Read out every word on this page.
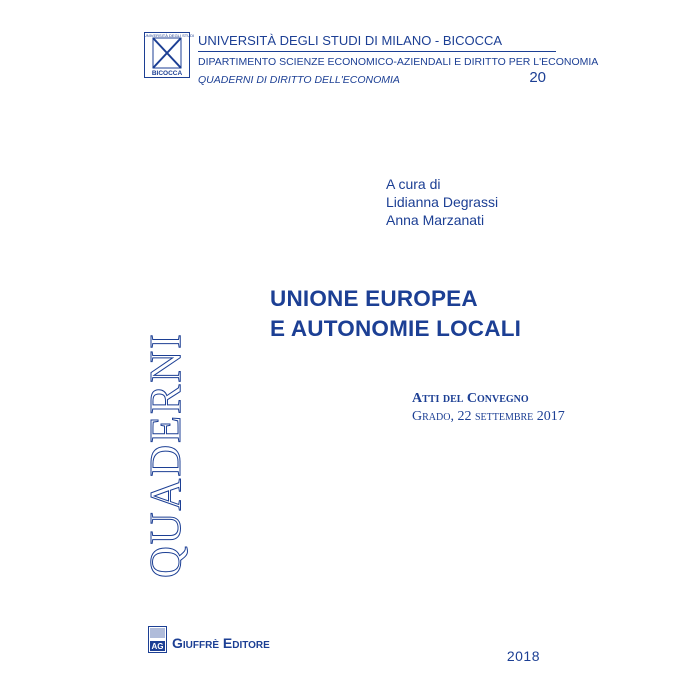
BICOCCA
UNIVERSITÀ DEGLI STUDI UNIVERSITÀ DEGLI STUDI DI MILANO - BICOCCA
DIPARTIMENTO SCIENZE ECONOMICO-AZIENDALI E DIRITTO PER L'ECONOMIA
QUADERNI DI DIRITTO DELL'ECONOMIA	20
QUADERNI
A cura di
Lidianna Degrassi
Anna Marzanati
UNIONE EUROPEA
E AUTONOMIE LOCALI
Atti del Convegno
Grado, 22 settembre 2017
AG Giuffrè Editore
2018
